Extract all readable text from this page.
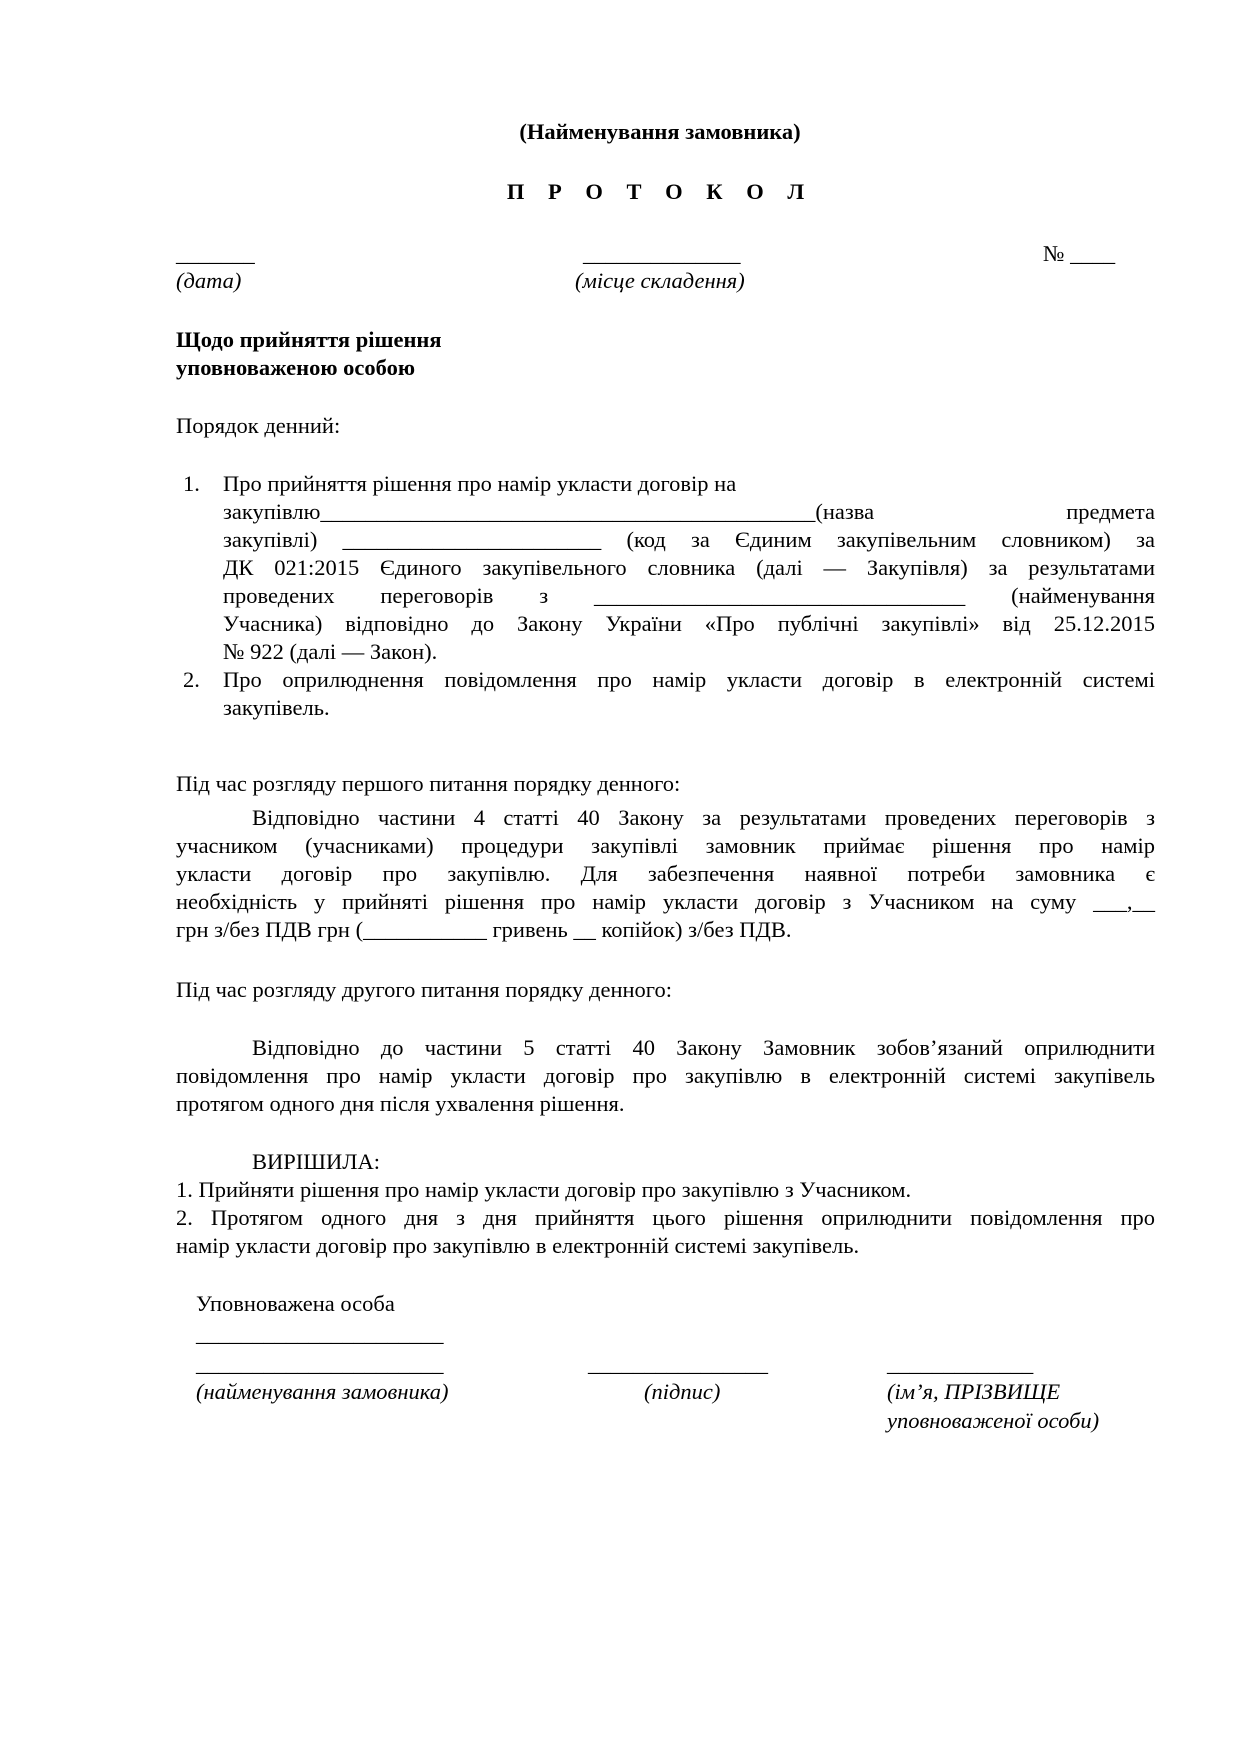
(Найменування замовника)
П Р О Т О К О Л
_______	______________	№ ____
(дата)	(місце складення)
Щодо прийняття рішення
уповноваженою особою
Порядок денний:
1. Про прийняття рішення про намір укласти договір на
закупівлю____________________________________________(назва предмета
закупівлі) _______________________ (код за Єдиним закупівельним словником) за
ДК 021:2015 Єдиного закупівельного словника (далі — Закупівля) за результатами
проведених переговорів з _________________________________ (найменування
Учасника) відповідно до Закону України «Про публічні закупівлі» від 25.12.2015
№ 922 (далі — Закон).
2. Про оприлюднення повідомлення про намір укласти договір в електронній системі
закупівель.
Під час розгляду першого питання порядку денного:
Відповідно частини 4 статті 40 Закону за результатами проведених переговорів з
учасником (учасниками) процедури закупівлі замовник приймає рішення про намір
укласти договір про закупівлю. Для забезпечення наявної потреби замовника є
необхідність у прийняті рішення про намір укласти договір з Учасником на суму ___,__
грн з/без ПДВ грн (___________ гривень __ копійок) з/без ПДВ.
Під час розгляду другого питання порядку денного:
Відповідно до частини 5 статті 40 Закону Замовник зобов’язаний оприлюднити
повідомлення про намір укласти договір про закупівлю в електронній системі закупівель
протягом одного дня після ухвалення рішення.
ВИРІШИЛА:
1. Прийняти рішення про намір укласти договір про закупівлю з Учасником.
2. Протягом одного дня з дня прийняття цього рішення оприлюднити повідомлення про
намір укласти договір про закупівлю в електронній системі закупівель.
Уповноважена особа
______________________
______________________	________________	_____________
(найменування замовника)	(підпис)	(ім’я, ПРІЗВИЩЕ
уповноваженої особи)
